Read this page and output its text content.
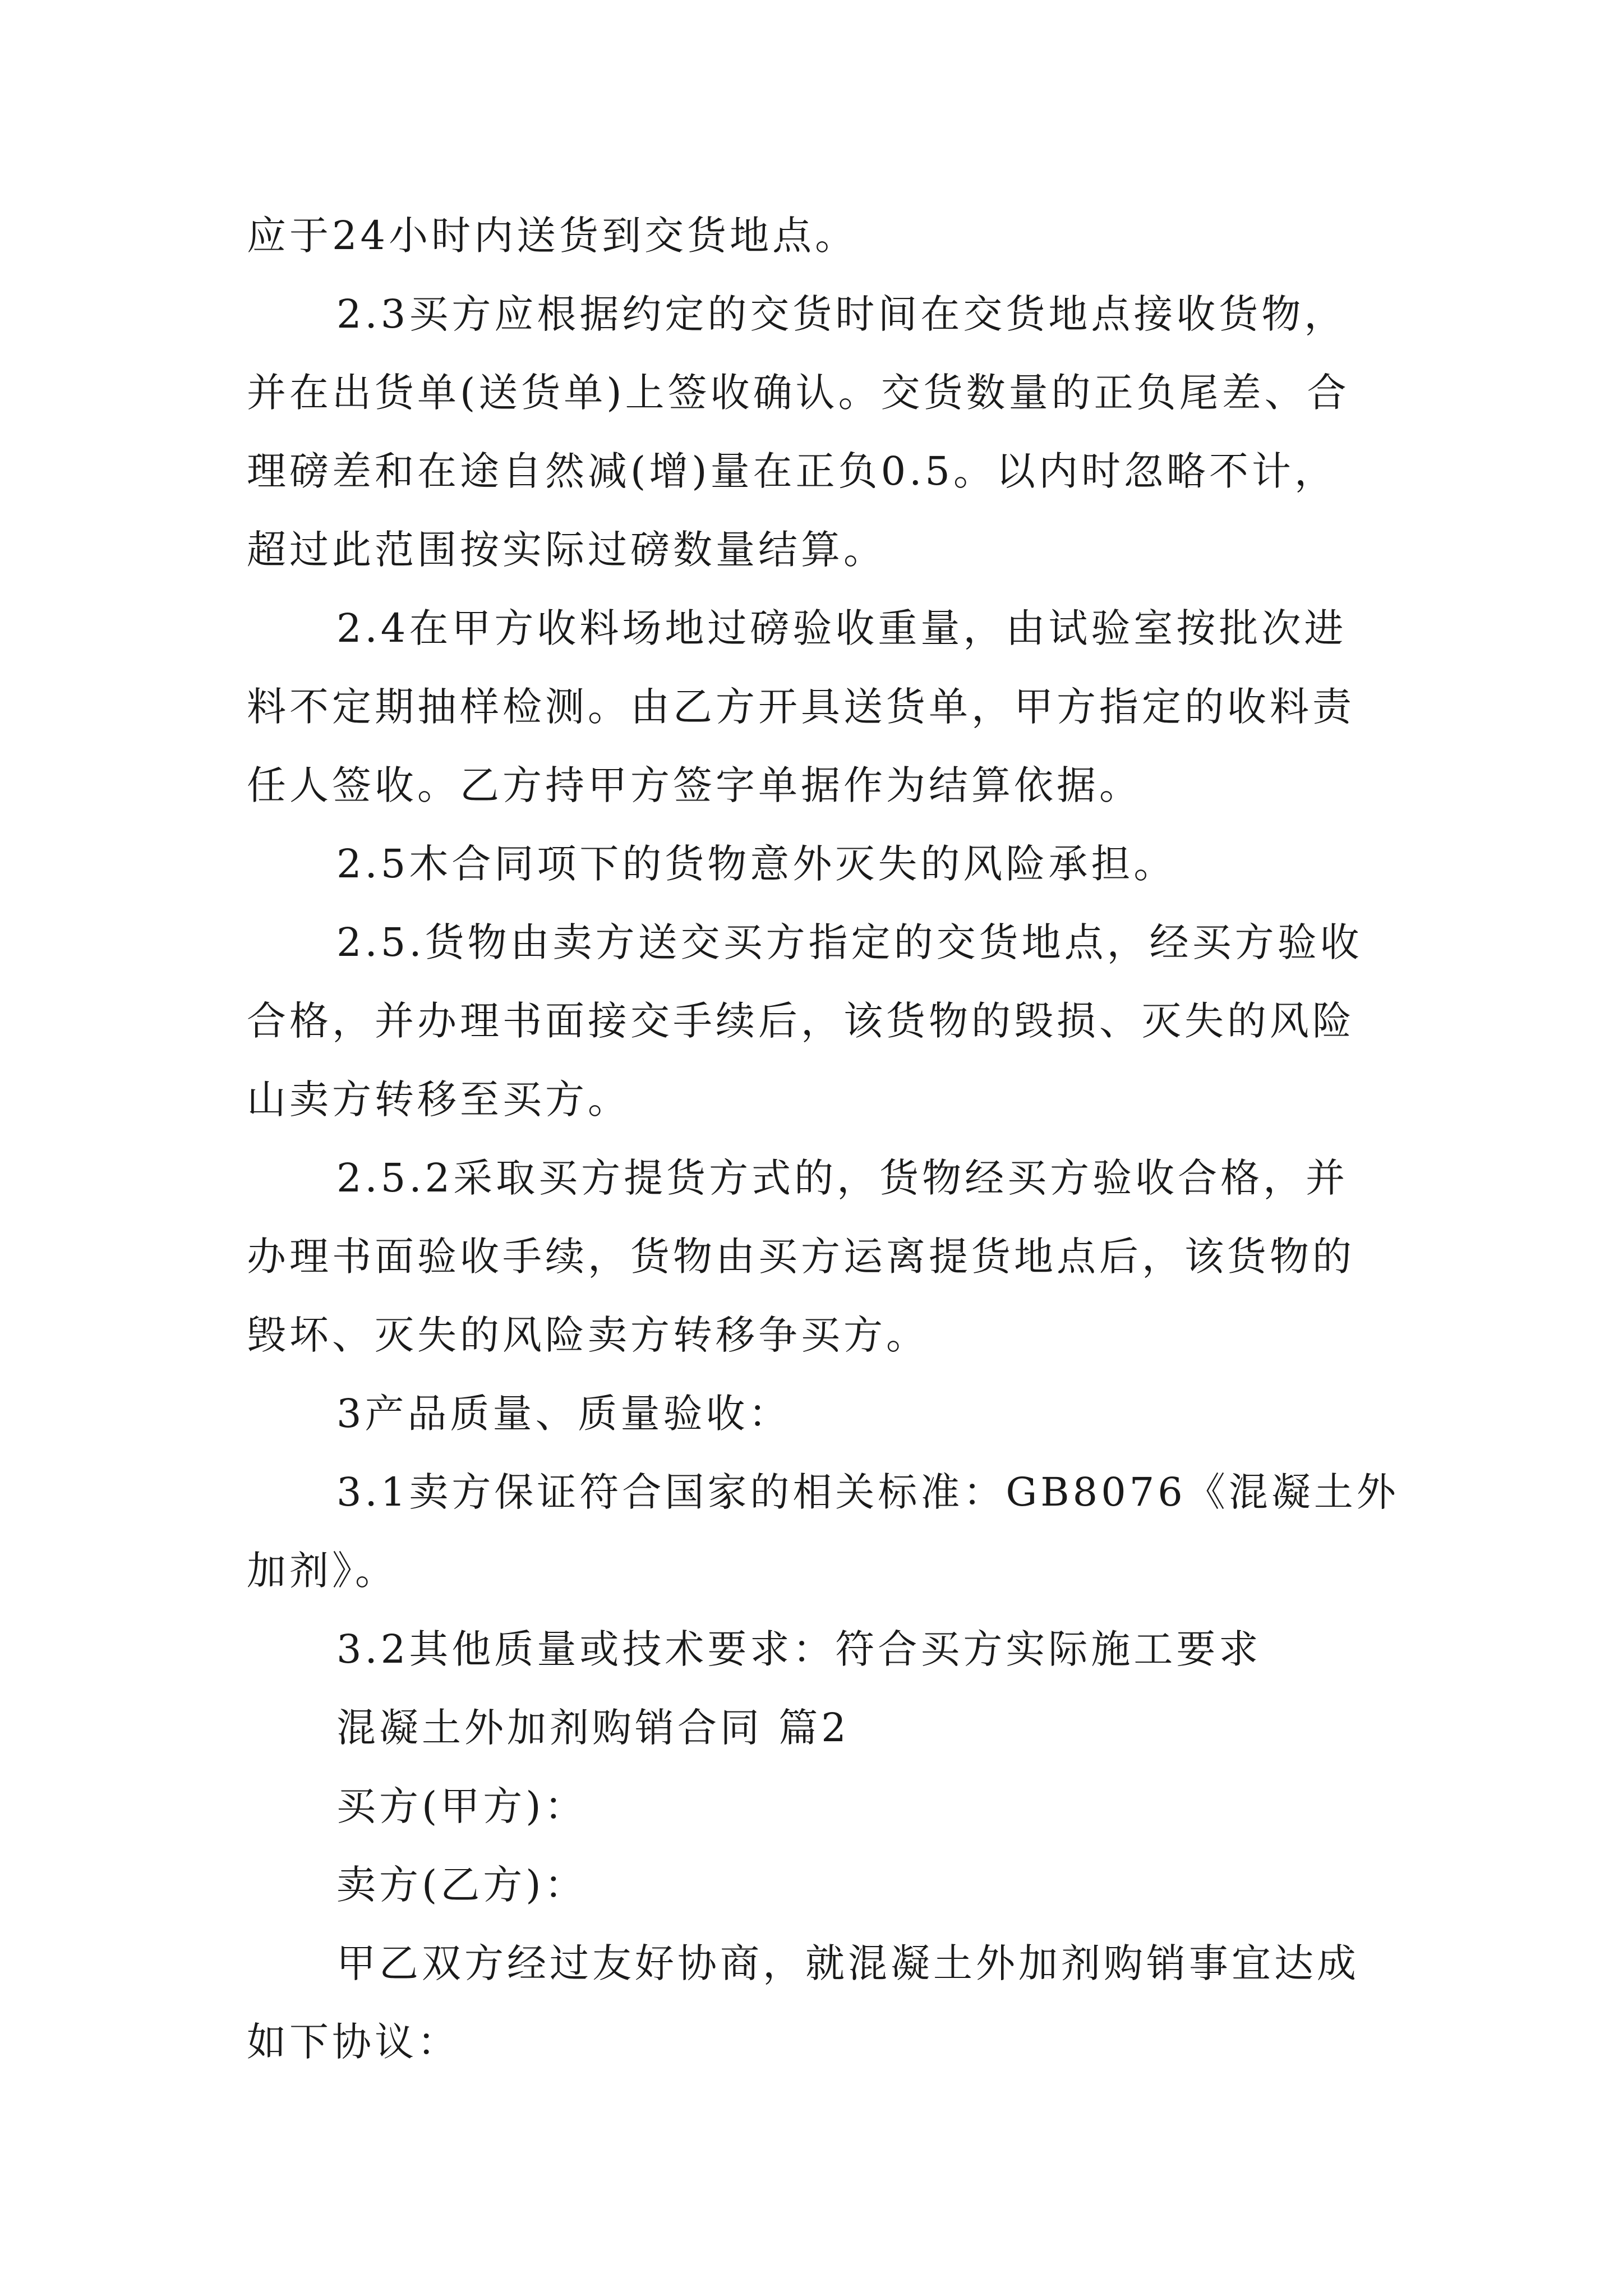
应于24小时内送货到交货地点。
2.3买方应根据约定的交货时间在交货地点接收货物，
并在出货单(送货单)上签收确认。交货数量的正负尾差、合
理磅差和在途自然减(增)量在正负0.5。以内时忽略不计，
超过此范围按实际过磅数量结算。
2.4在甲方收料场地过磅验收重量，由试验室按批次进
料不定期抽样检测。由乙方开具送货单，甲方指定的收料责
任人签收。乙方持甲方签字单据作为结算依据。
2.5木合同项下的货物意外灭失的风险承担。
2.5.货物由卖方送交买方指定的交货地点，经买方验收
合格，并办理书面接交手续后，该货物的毁损、灭失的风险
山卖方转移至买方。
2.5.2采取买方提货方式的，货物经买方验收合格，并
办理书面验收手续，货物由买方运离提货地点后，该货物的
毁坏、灭失的风险卖方转移争买方。
3产品质量、质量验收：
3.1卖方保证符合国家的相关标准：GB8076《混凝土外
加剂》。
3.2其他质量或技术要求：符合买方实际施工要求
混凝土外加剂购销合同 篇2
买方(甲方)：
卖方(乙方)：
甲乙双方经过友好协商，就混凝土外加剂购销事宜达成
如下协议：
